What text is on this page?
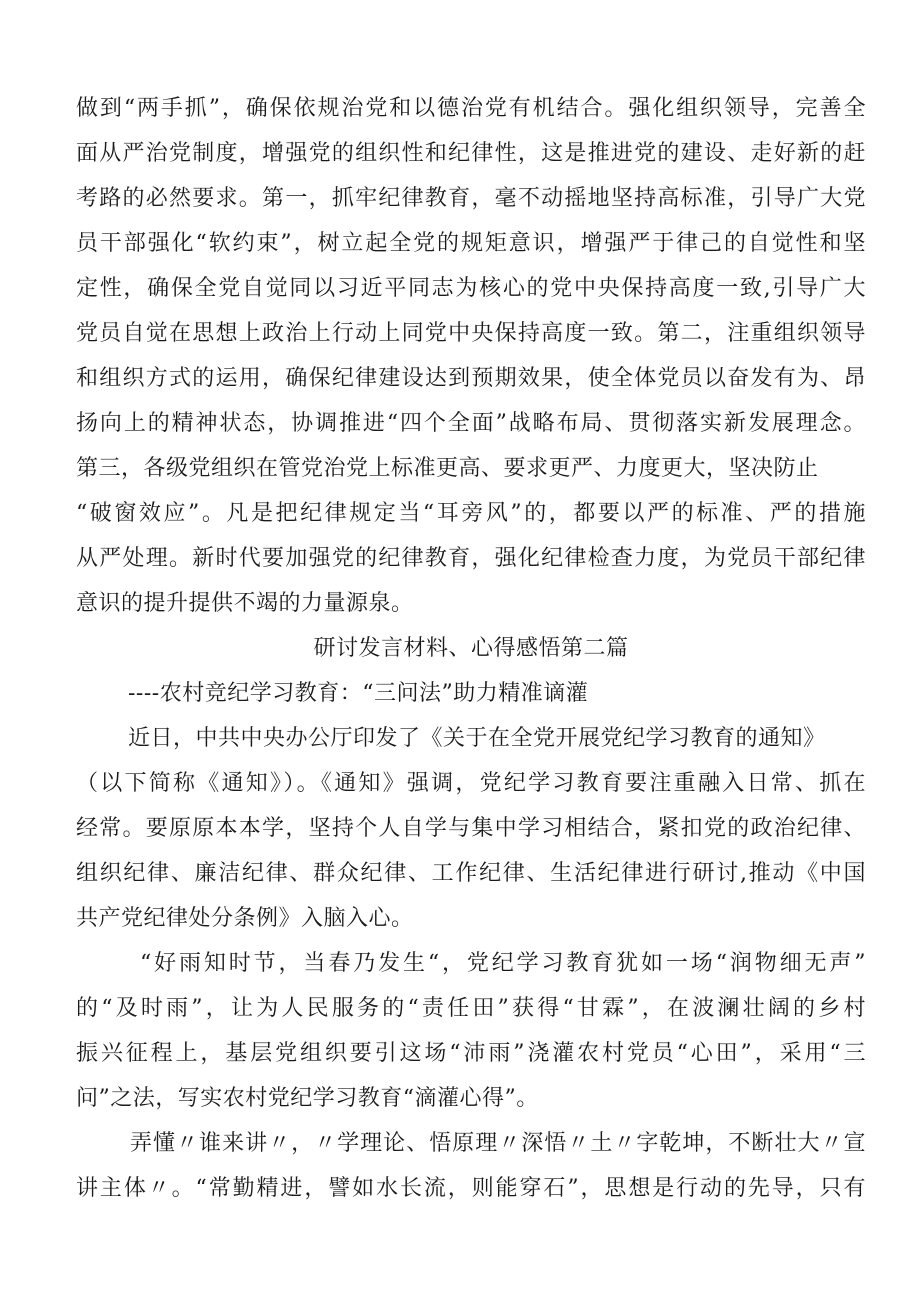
做到“两手抓”，确保依规治党和以德治党有机结合。强化组织领导，完善全
面从严治党制度，增强党的组织性和纪律性，这是推进党的建设、走好新的赶
考路的必然要求。第一，抓牢纪律教育，毫不动摇地坚持高标准，引导广大党
员干部强化“软约束”，树立起全党的规矩意识，增强严于律己的自觉性和坚
定性，确保全党自觉同以习近平同志为核心的党中央保持高度一致,引导广大
党员自觉在思想上政治上行动上同党中央保持高度一致。第二，注重组织领导
和组织方式的运用，确保纪律建设达到预期效果，使全体党员以奋发有为、昂
扬向上的精神状态，协调推进“四个全面”战略布局、贯彻落实新发展理念。
第三，各级党组织在管党治党上标准更高、要求更严、力度更大，坚决防止
“破窗效应”。凡是把纪律规定当“耳旁风”的，都要以严的标准、严的措施
从严处理。新时代要加强党的纪律教育，强化纪律检查力度，为党员干部纪律
意识的提升提供不竭的力量源泉。
研讨发言材料、心得感悟第二篇
----农村竞纪学习教育：“三问法”助力精准谪灌
近日，中共中央办公厅印发了《关于在全党开展党纪学习教育的通知》
（以下简称《通知》）。《通知》强调，党纪学习教育要注重融入日常、抓在
经常。要原原本本学，坚持个人自学与集中学习相结合，紧扣党的政治纪律、
组织纪律、廉洁纪律、群众纪律、工作纪律、生活纪律进行研讨,推动《中国
共产党纪律处分条例》入脑入心。
“好雨知时节，当春乃发生“，党纪学习教育犹如一场“润物细无声”
的“及时雨”，让为人民服务的“责任田”获得“甘霖”，在波澜壮阔的乡村
振兴征程上，基层党组织要引这场“沛雨”浇灌农村党员“心田”，采用“三
问”之法，写实农村党纪学习教育“滴灌心得”。
弄懂〃谁来讲〃，〃学理论、悟原理〃深悟〃土〃字乾坤，不断壮大〃宣
讲主体〃。“常勤精进，譬如水长流，则能穿石”，思想是行动的先导，只有
